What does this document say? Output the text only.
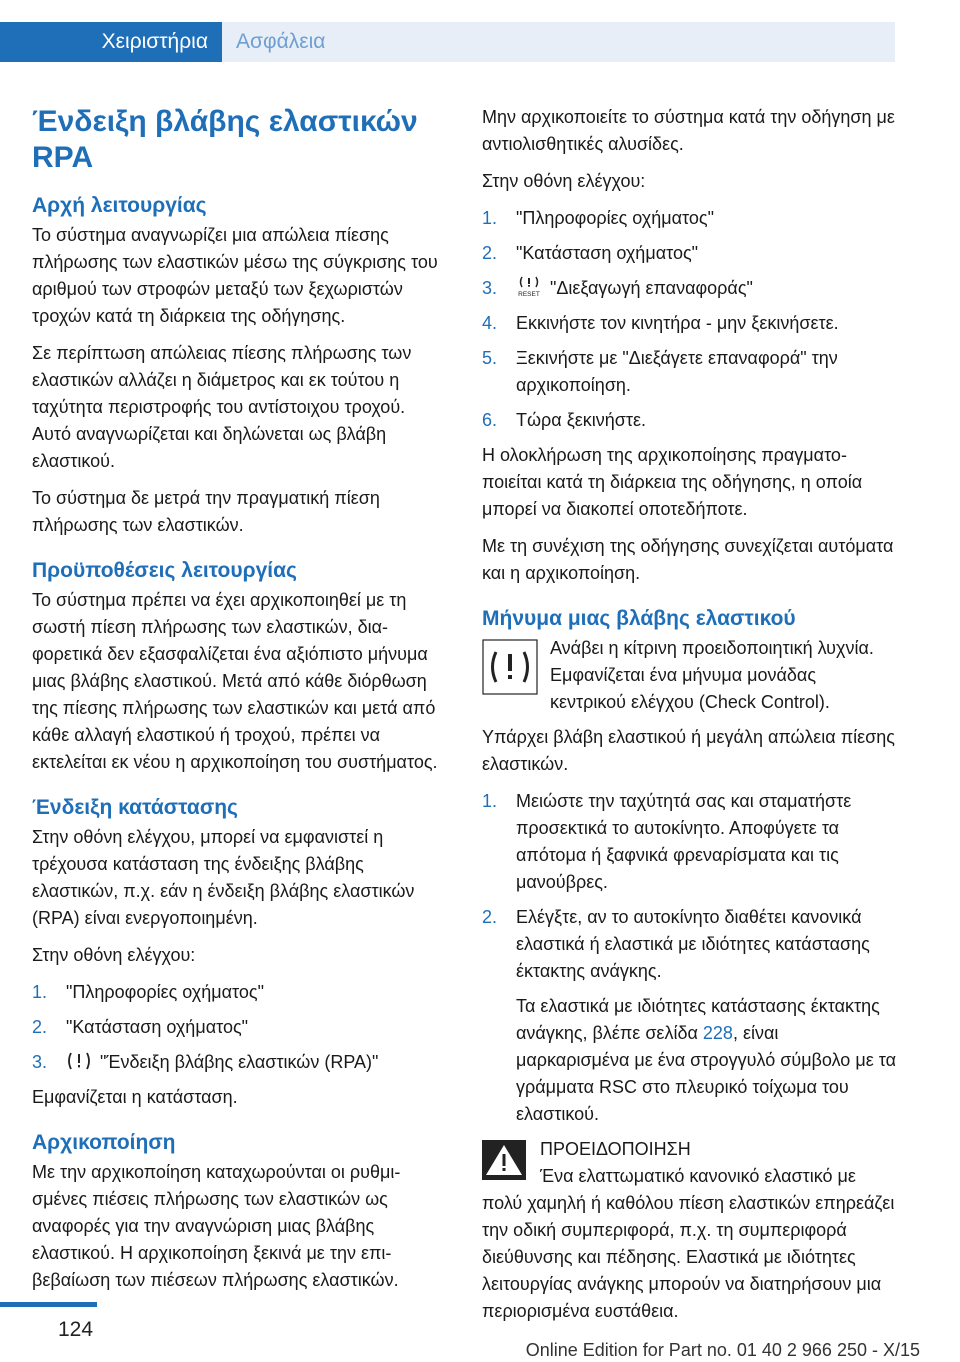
Χειριστήρια	Ασφάλεια
Ένδειξη βλάβης ελαστικών RPA
Αρχή λειτουργίας

Το σύστημα αναγνωρίζει μια απώλεια πίεσης πλήρωσης των ελαστικών μέσω της σύγκρισης του αριθμού των στροφών μεταξύ των ξεχωριστών τροχών κατά τη διάρκεια της οδήγησης.

Σε περίπτωση απώλειας πίεσης πλήρωσης των ελαστικών αλλάζει η διάμετρος και εκ τούτου η ταχύτητα περιστροφής του αντίστοιχου τροχού. Αυτό αναγνωρίζεται και δηλώνεται ως βλάβη ελαστικού.

Το σύστημα δε μετρά την πραγματική πίεση πλήρωσης των ελαστικών.

Προϋποθέσεις λειτουργίας

Το σύστημα πρέπει να έχει αρχικοποιηθεί με τη σωστή πίεση πλήρωσης των ελαστικών, διαφορετικά δεν εξασφαλίζεται ένα αξιόπιστο μήνυμα μιας βλάβης ελαστικού. Μετά από κάθε διόρθωση της πίεσης πλήρωσης των ελαστικών και μετά από κάθε αλλαγή ελαστικού ή τροχού, πρέπει να εκτελείται εκ νέου η αρχικοποίηση του συστήματος.

Ένδειξη κατάστασης

Στην οθόνη ελέγχου, μπορεί να εμφανιστεί η τρέχουσα κατάσταση της ένδειξης βλάβης ελαστικών, π.χ. εάν η ένδειξη βλάβης ελαστικών (RPA) είναι ενεργοποιημένη.

Στην οθόνη ελέγχου:

1. "Πληροφορίες οχήματος"
2. "Κατάσταση οχήματος"
3.	"Ένδειξη βλάβης ελαστικών (RPA)"

Εμφανίζεται η κατάσταση.

Αρχικοποίηση

Με την αρχικοποίηση καταχωρούνται οι ρυθμισμένες πιέσεις πλήρωσης των ελαστικών ως αναφορές για την αναγνώριση μιας βλάβης ελαστικού. Η αρχικοποίηση ξεκινά με την επιβεβαίωση των πιέσεων πλήρωσης ελαστικών.

Μην αρχικοποιείτε το σύστημα κατά την οδήγηση με αντιολισθητικές αλυσίδες.

Στην οθόνη ελέγχου:

1. "Πληροφορίες οχήματος"
2. "Κατάσταση οχήματος"
3.	RESET "Διεξαγωγή επαναφοράς"
4. Εκκινήστε τον κινητήρα - μην ξεκινήσετε.
5. Ξεκινήστε με "Διεξάγετε επαναφορά" την αρχικοποίηση.
6. Τώρα ξεκινήστε.

Η ολοκλήρωση της αρχικοποίησης πραγματοποιείται κατά τη διάρκεια της οδήγησης, η οποία μπορεί να διακοπεί οποτεδήποτε.

Με τη συνέχιση της οδήγησης συνεχίζεται αυτόματα και η αρχικοποίηση.

Μήνυμα μιας βλάβης ελαστικού

Ανάβει η κίτρινη προειδοποιητική λυχνία. Εμφανίζεται ένα μήνυμα μονάδας κεντρικού ελέγχου (Check Control).

Υπάρχει βλάβη ελαστικού ή μεγάλη απώλεια πίεσης ελαστικών.

1. Μειώστε την ταχύτητά σας και σταματήστε προσεκτικά το αυτοκίνητο. Αποφύγετε τα απότομα ή ξαφνικά φρεναρίσματα και τις μανούβρες.
2. Ελέγξτε, αν το αυτοκίνητο διαθέτει κανονικά ελαστικά ή ελαστικά με ιδιότητες κατάστασης έκτακτης ανάγκης.

Τα ελαστικά με ιδιότητες κατάστασης έκτακτης ανάγκης, βλέπε σελίδα 228, είναι μαρκαρισμένα με ένα στρογγυλό σύμβολο με τα γράμματα RSC στο πλευρικό τοίχωμα του ελαστικού.

ΠΡΟΕΙΔΟΠΟΙΗΣΗ

Ένα ελαττωματικό κανονικό ελαστικό με πολύ χαμηλή ή καθόλου πίεση ελαστικών επηρεάζει την οδική συμπεριφορά, π.χ. τη συμπεριφορά διεύθυνσης και πέδησης. Ελαστικά με ιδιότητες λειτουργίας ανάγκης μπορούν να διατηρήσουν μια περιορισμένα ευστάθεια.

124
Online Edition for Part no. 01 40 2 966 250 - X/15
